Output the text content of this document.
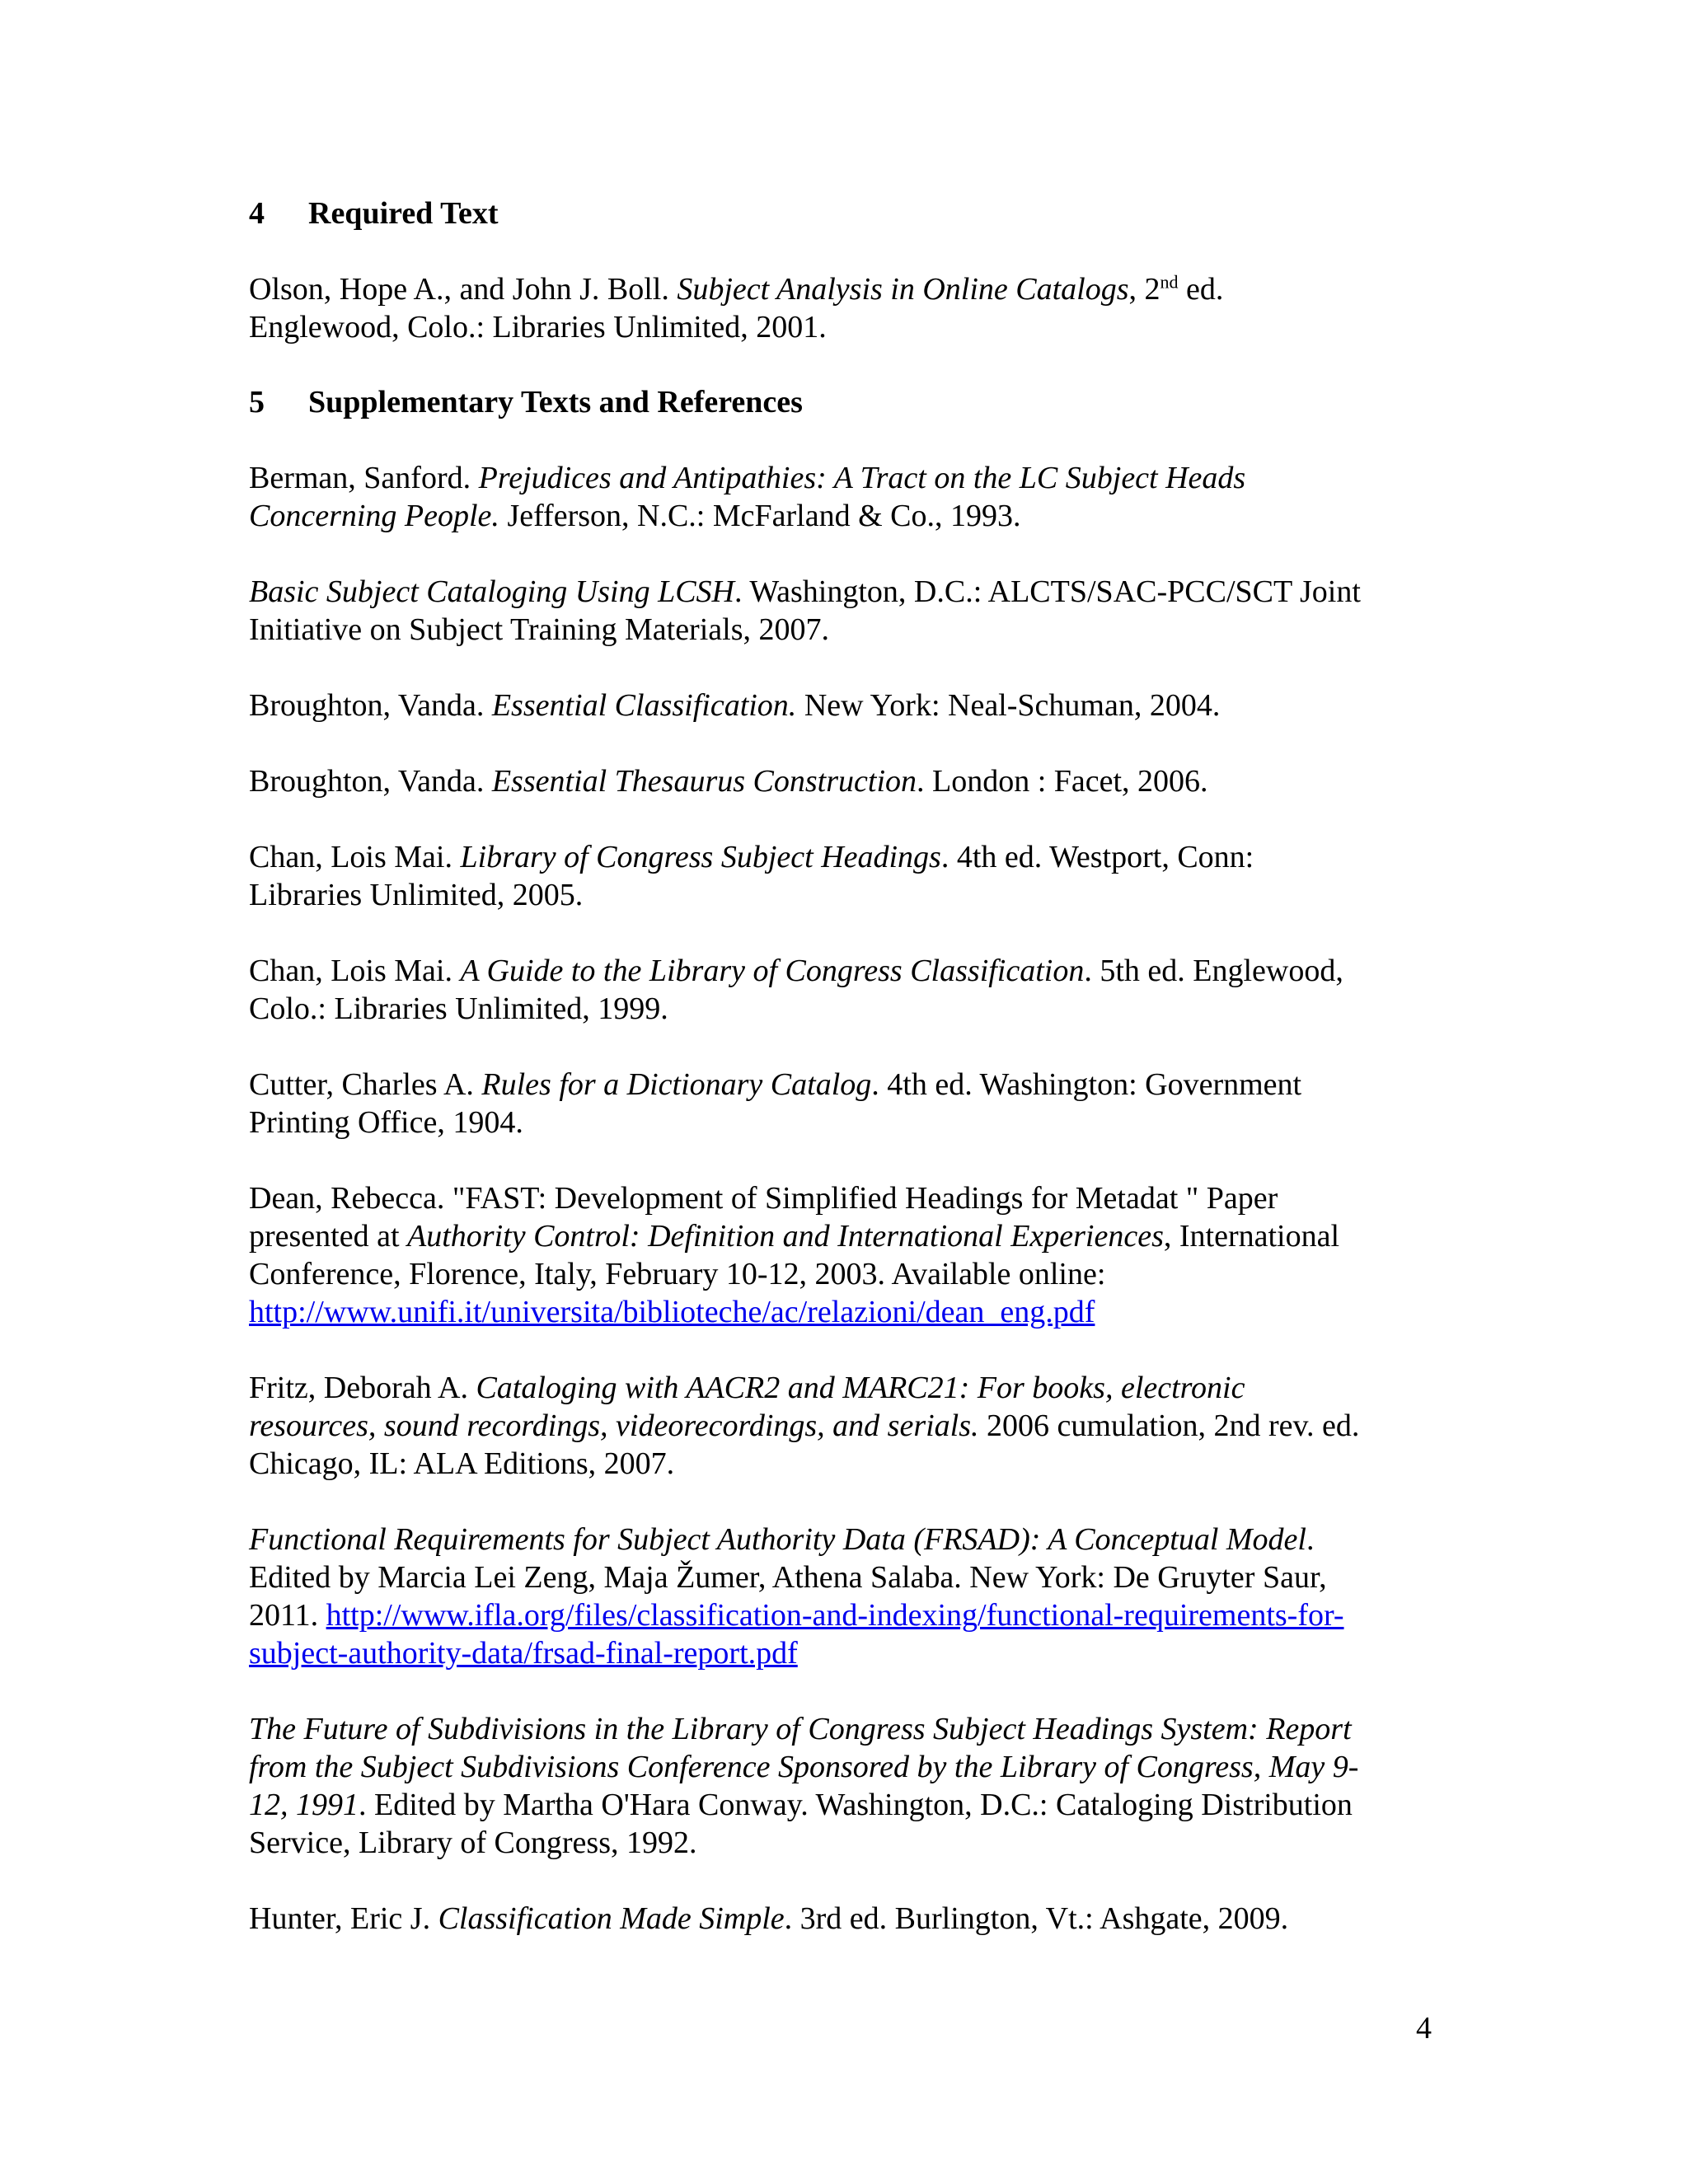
4 Required Text

Olson, Hope A., and John J. Boll. Subject Analysis in Online Catalogs, 2nd ed.
Englewood, Colo.: Libraries Unlimited, 2001.

5 Supplementary Texts and References

Berman, Sanford. Prejudices and Antipathies: A Tract on the LC Subject Heads
Concerning People. Jefferson, N.C.: McFarland & Co., 1993.

Basic Subject Cataloging Using LCSH. Washington, D.C.: ALCTS/SAC-PCC/SCT Joint
Initiative on Subject Training Materials, 2007.

Broughton, Vanda. Essential Classification. New York: Neal-Schuman, 2004.

Broughton, Vanda. Essential Thesaurus Construction. London : Facet, 2006.

Chan, Lois Mai. Library of Congress Subject Headings. 4th ed. Westport, Conn:
Libraries Unlimited, 2005.

Chan, Lois Mai. A Guide to the Library of Congress Classification. 5th ed. Englewood,
Colo.: Libraries Unlimited, 1999.

Cutter, Charles A. Rules for a Dictionary Catalog. 4th ed. Washington: Government
Printing Office, 1904.

Dean, Rebecca. "FAST: Development of Simplified Headings for Metadat " Paper
presented at Authority Control: Definition and International Experiences, International
Conference, Florence, Italy, February 10-12, 2003. Available online:
http://www.unifi.it/universita/biblioteche/ac/relazioni/dean_eng.pdf

Fritz, Deborah A. Cataloging with AACR2 and MARC21: For books, electronic
resources, sound recordings, videorecordings, and serials. 2006 cumulation, 2nd rev. ed.
Chicago, IL: ALA Editions, 2007.

Functional Requirements for Subject Authority Data (FRSAD): A Conceptual Model.
Edited by Marcia Lei Zeng, Maja Žumer, Athena Salaba. New York: De Gruyter Saur,
2011. http://www.ifla.org/files/classification-and-indexing/functional-requirements-for-
subject-authority-data/frsad-final-report.pdf

The Future of Subdivisions in the Library of Congress Subject Headings System: Report
from the Subject Subdivisions Conference Sponsored by the Library of Congress, May 9-
12, 1991. Edited by Martha O'Hara Conway. Washington, D.C.: Cataloging Distribution
Service, Library of Congress, 1992.

Hunter, Eric J. Classification Made Simple. 3rd ed. Burlington, Vt.: Ashgate, 2009.

4
